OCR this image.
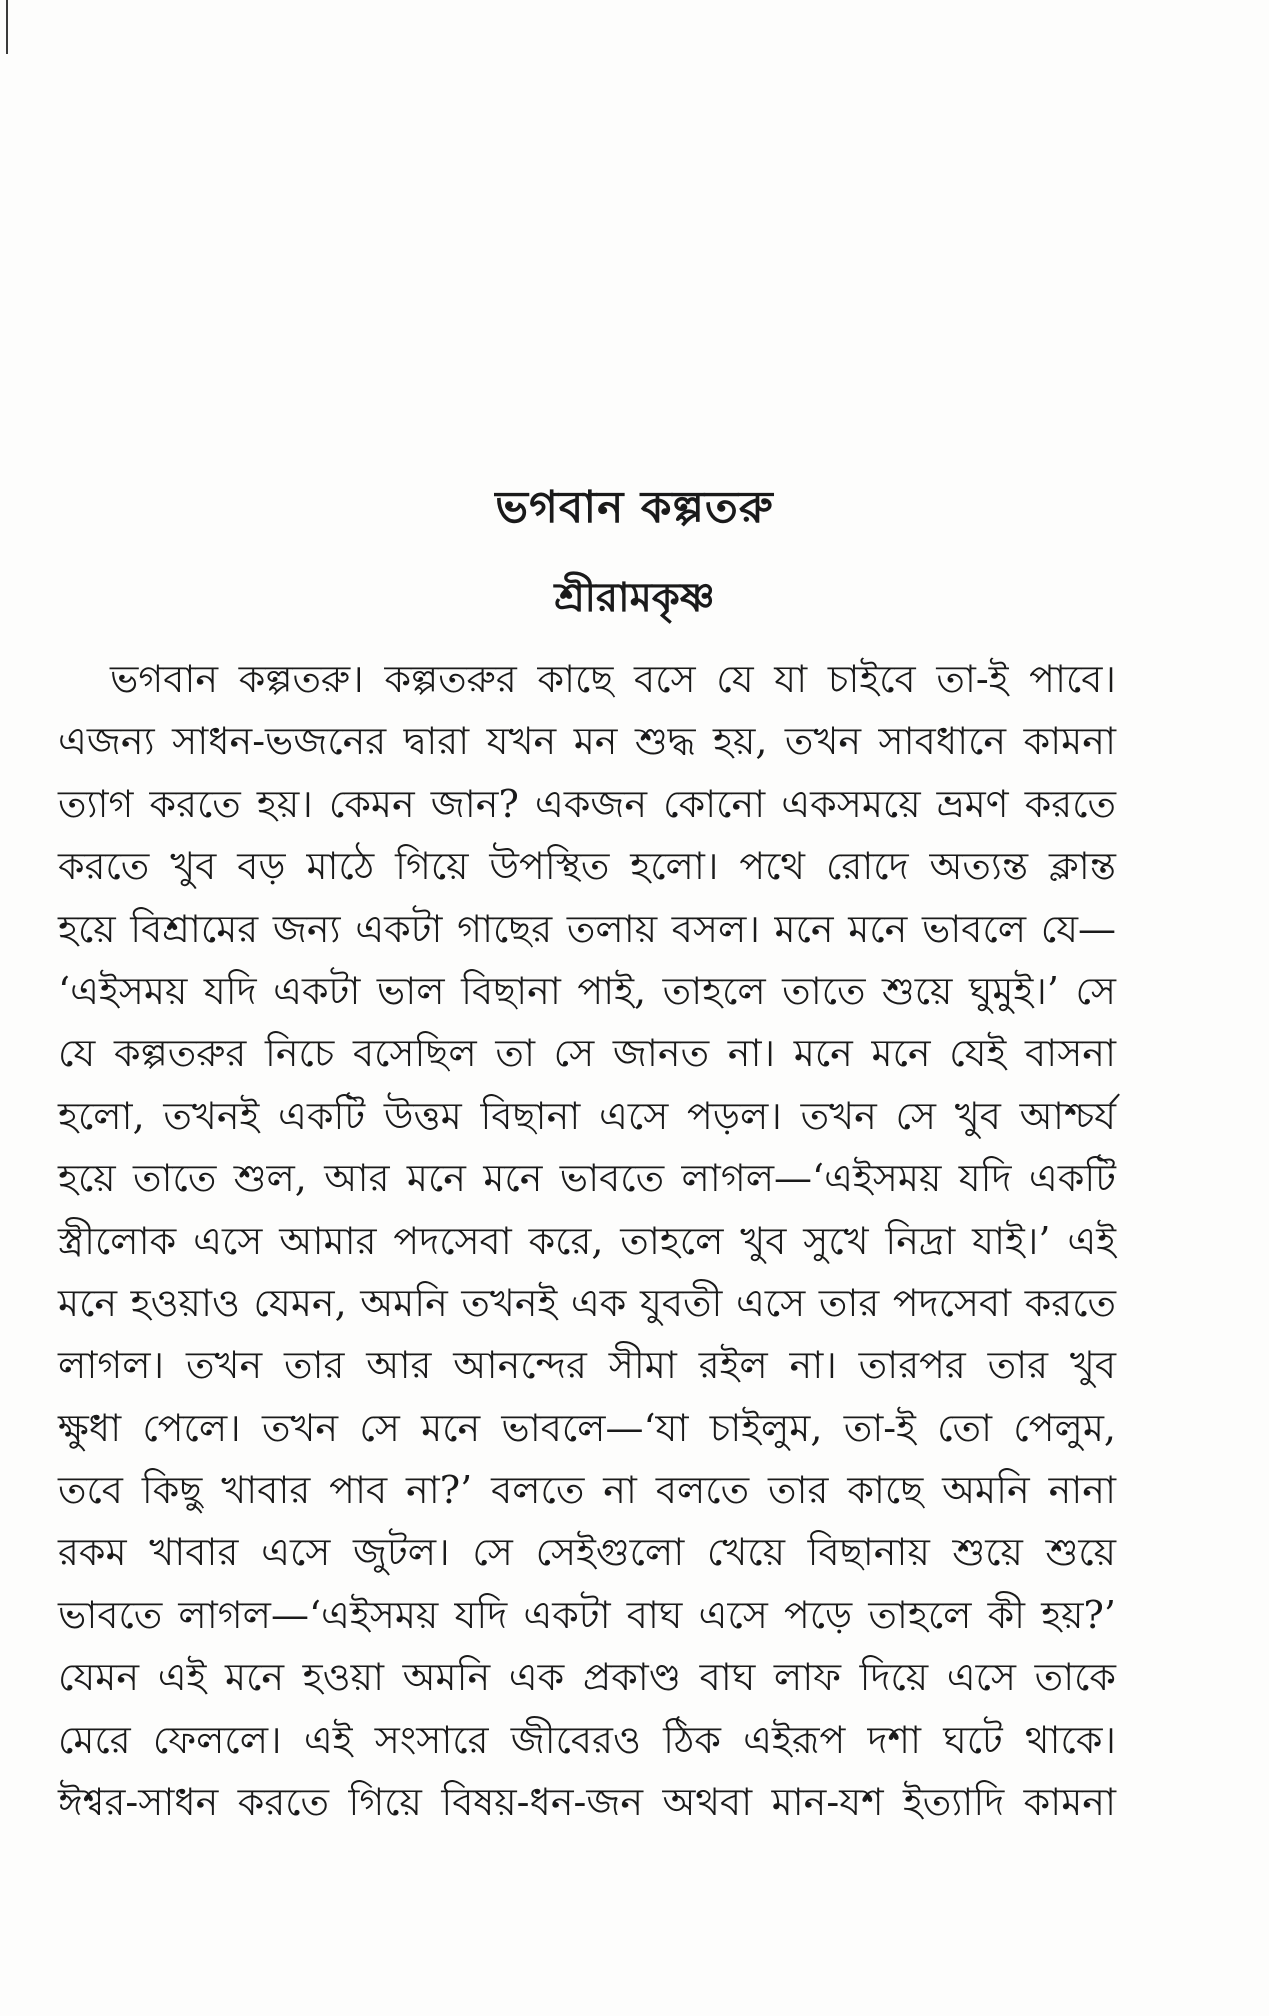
ভগবান কল্পতরু
শ্রীরামকৃষ্ণ
ভগবান কল্পতরু। কল্পতরুর কাছে বসে যে যা চাইবে তা-ই পাবে।
এজন্য সাধন-ভজনের দ্বারা যখন মন শুদ্ধ হয়, তখন সাবধানে কামনা
ত্যাগ করতে হয়। কেমন জান? একজন কোনো একসময়ে ভ্রমণ করতে
করতে খুব বড় মাঠে গিয়ে উপস্থিত হলো। পথে রোদে অত্যন্ত ক্লান্ত
হয়ে বিশ্রামের জন্য একটা গাছের তলায় বসল। মনে মনে ভাবলে যে—
‘এইসময় যদি একটা ভাল বিছানা পাই, তাহলে তাতে শুয়ে ঘুমুই।’ সে
যে কল্পতরুর নিচে বসেছিল তা সে জানত না। মনে মনে যেই বাসনা
হলো, তখনই একটি উত্তম বিছানা এসে পড়ল। তখন সে খুব আশ্চর্য
হয়ে তাতে শুল, আর মনে মনে ভাবতে লাগল—‘এইসময় যদি একটি
স্ত্রীলোক এসে আমার পদসেবা করে, তাহলে খুব সুখে নিদ্রা যাই।’ এই
মনে হওয়াও যেমন, অমনি তখনই এক যুবতী এসে তার পদসেবা করতে
লাগল। তখন তার আর আনন্দের সীমা রইল না। তারপর তার খুব
ক্ষুধা পেলে। তখন সে মনে ভাবলে—‘যা চাইলুম, তা-ই তো পেলুম,
তবে কিছু খাবার পাব না?’ বলতে না বলতে তার কাছে অমনি নানা
রকম খাবার এসে জুটল। সে সেইগুলো খেয়ে বিছানায় শুয়ে শুয়ে
ভাবতে লাগল—‘এইসময় যদি একটা বাঘ এসে পড়ে তাহলে কী হয়?’
যেমন এই মনে হওয়া অমনি এক প্রকাণ্ড বাঘ লাফ দিয়ে এসে তাকে
মেরে ফেললে। এই সংসারে জীবেরও ঠিক এইরূপ দশা ঘটে থাকে।
ঈশ্বর-সাধন করতে গিয়ে বিষয়-ধন-জন অথবা মান-যশ ইত্যাদি কামনা
